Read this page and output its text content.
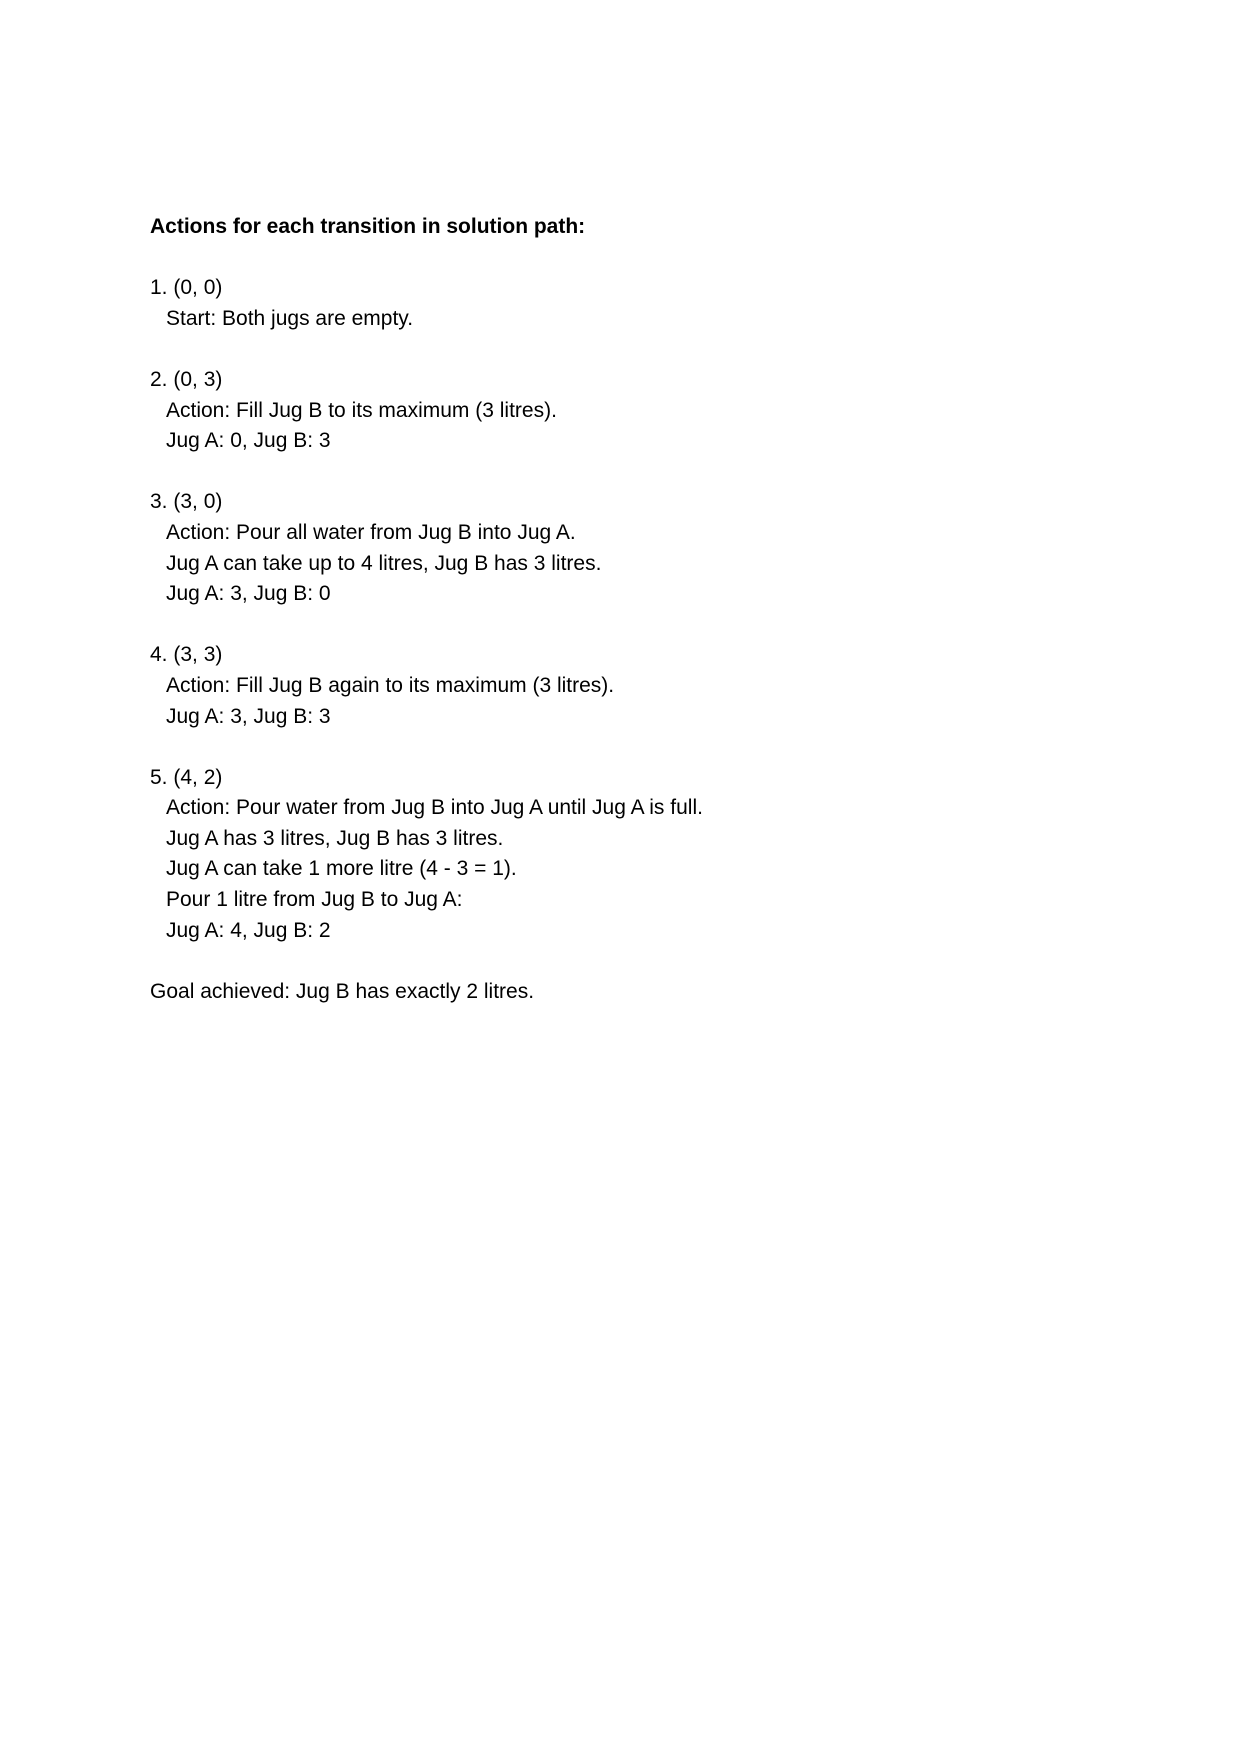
Actions for each transition in solution path:

1. (0, 0)

Start: Both jugs are empty.

2. (0, 3)

Action: Fill Jug B to its maximum (3 litres).

Jug A: 0, Jug B: 3

3. (3, 0)

Action: Pour all water from Jug B into Jug A.

Jug A can take up to 4 litres, Jug B has 3 litres.

Jug A: 3, Jug B: 0

4. (3, 3)

Action: Fill Jug B again to its maximum (3 litres).

Jug A: 3, Jug B: 3

5. (4, 2)

Action: Pour water from Jug B into Jug A until Jug A is full.

Jug A has 3 litres, Jug B has 3 litres.

Jug A can take 1 more litre (4 - 3 = 1).

Pour 1 litre from Jug B to Jug A:

Jug A: 4, Jug B: 2

Goal achieved: Jug B has exactly 2 litres.
